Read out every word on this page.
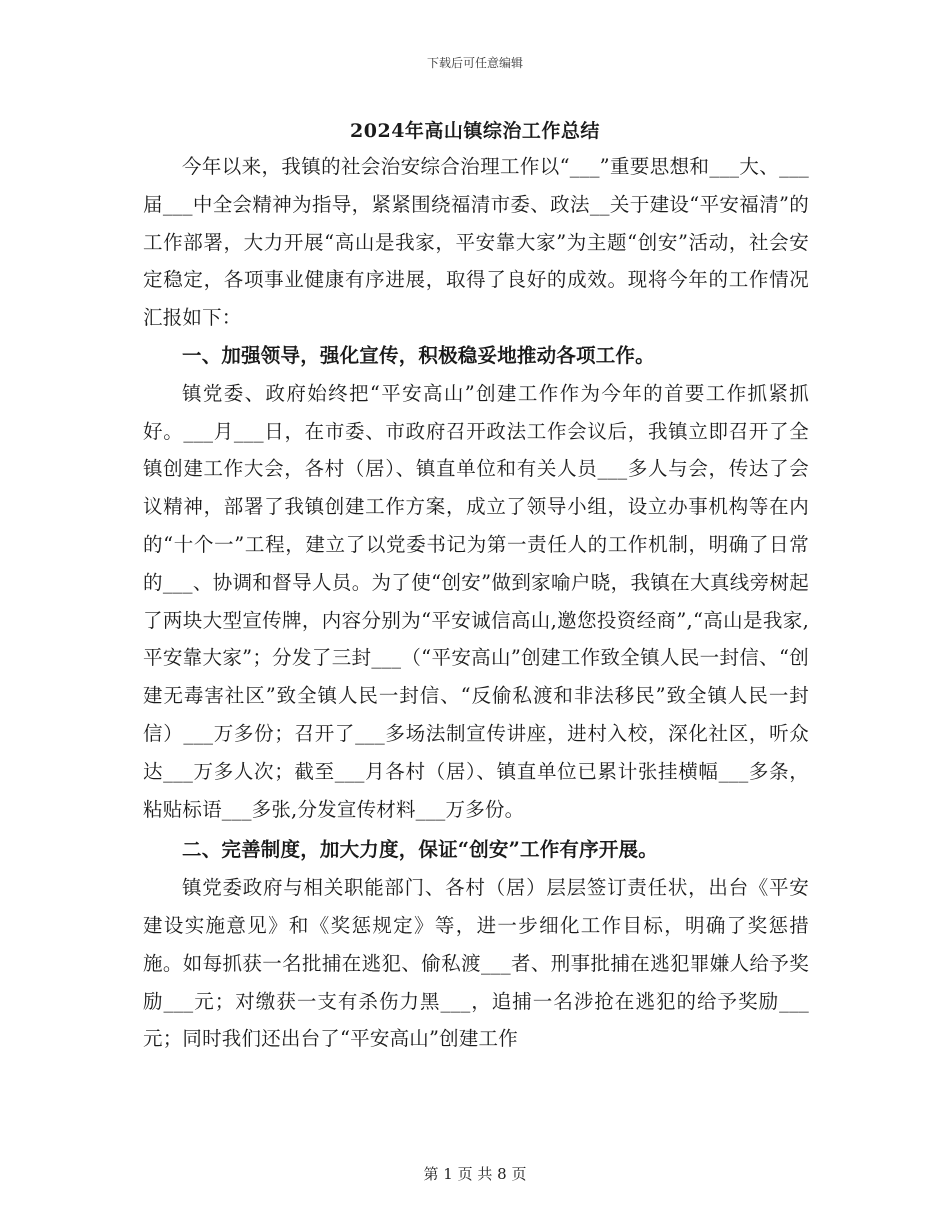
下载后可任意编辑
2024年高山镇综治工作总结

今年以来，我镇的社会治安综合治理工作以“___”重要思想和___大、___届___中全会精神为指导，紧紧围绕福清市委、政法__关于建设“平安福清”的工作部署，大力开展“高山是我家，平安靠大家”为主题“创安”活动，社会安定稳定，各项事业健康有序进展，取得了良好的成效。现将今年的工作情况汇报如下：

一、加强领导，强化宣传，积极稳妥地推动各项工作。

镇党委、政府始终把“平安高山”创建工作作为今年的首要工作抓紧抓好。___月___日，在市委、市政府召开政法工作会议后，我镇立即召开了全镇创建工作大会，各村（居）、镇直单位和有关人员___多人与会，传达了会议精神，部署了我镇创建工作方案，成立了领导小组，设立办事机构等在内的“十个一”工程，建立了以党委书记为第一责任人的工作机制，明确了日常的___、协调和督导人员。为了使“创安”做到家喻户晓，我镇在大真线旁树起了两块大型宣传牌，内容分别为“平安诚信高山,邀您投资经商”,“高山是我家,平安靠大家”；分发了三封___（“平安高山”创建工作致全镇人民一封信、“创建无毒害社区”致全镇人民一封信、“反偷私渡和非法移民”致全镇人民一封信）___万多份；召开了___多场法制宣传讲座，进村入校，深化社区，听众达___万多人次；截至___月各村（居）、镇直单位已累计张挂横幅___多条，粘贴标语___多张,分发宣传材料___万多份。

二、完善制度，加大力度，保证“创安”工作有序开展。

镇党委政府与相关职能部门、各村（居）层层签订责任状，出台《平安建设实施意见》和《奖惩规定》等，进一步细化工作目标，明确了奖惩措施。如每抓获一名批捕在逃犯、偷私渡___者、刑事批捕在逃犯罪嫌人给予奖励___元；对缴获一支有杀伤力黑___，追捕一名涉抢在逃犯的给予奖励___元；同时我们还出台了“平安高山”创建工作

第 1 页 共 8 页
